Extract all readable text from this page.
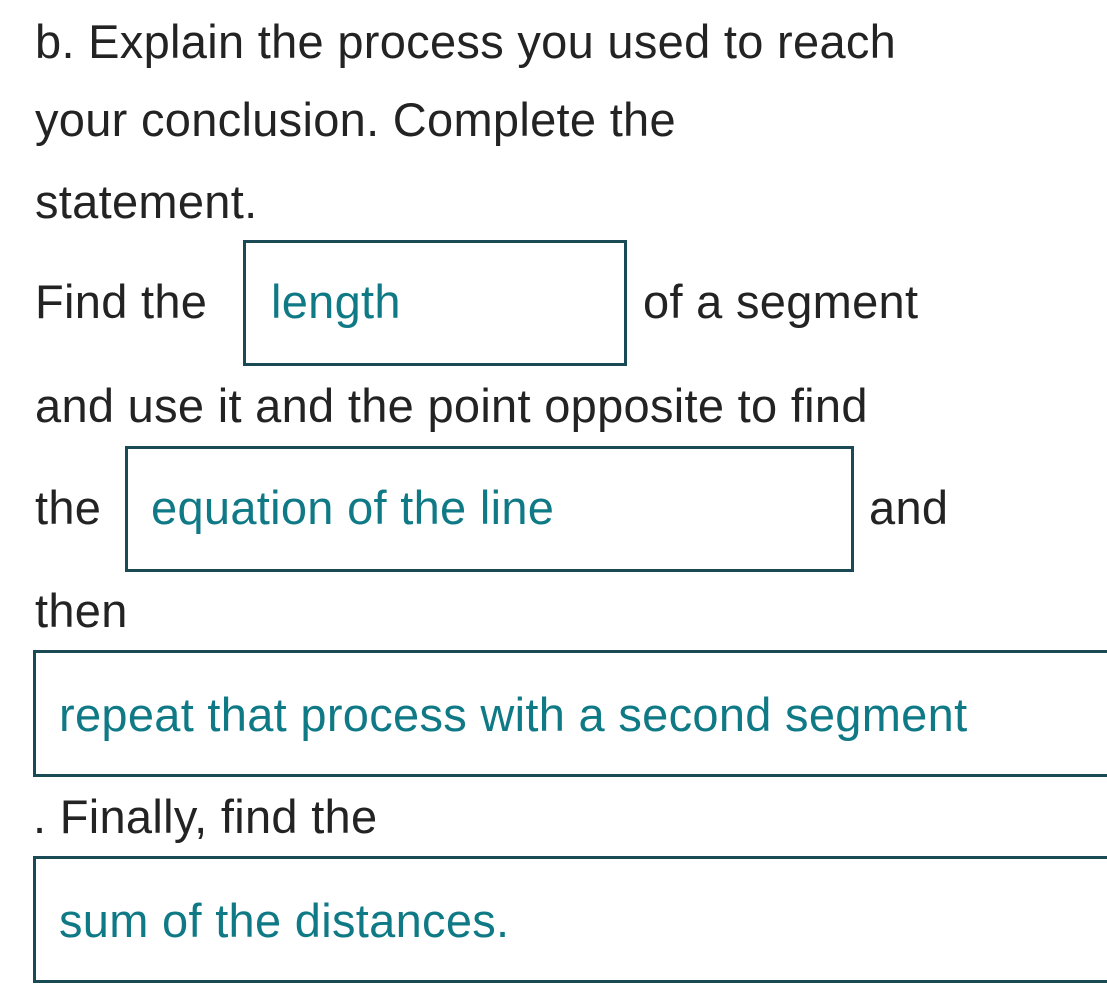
b. Explain the process you used to reach
your conclusion. Complete the
statement.
Find the length	of a segment
and use it and the point opposite to find
the equation of the line	and
then
repeat that process with a second segment
. Finally, find the
sum of the distances.
